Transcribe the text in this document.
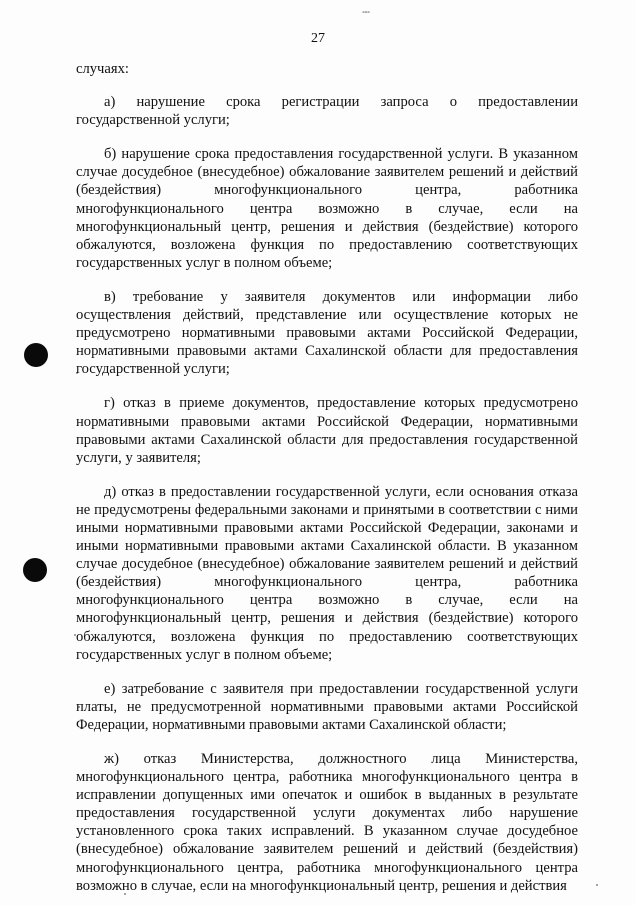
⁞
27

случаях:

а) нарушение срока регистрации запроса о предоставлении государственной услуги;

б) нарушение срока предоставления государственной услуги. В указанном случае досудебное (внесудебное) обжалование заявителем решений и действий (бездействия) многофункционального центра, работника многофункционального центра возможно в случае, если на многофункциональный центр, решения и действия (бездействие) которого обжалуются, возложена функция по предоставлению соответствующих государственных услуг в полном объеме;

в) требование у заявителя документов или информации либо осуществления действий, представление или осуществление которых не предусмотрено нормативными правовыми актами Российской Федерации, нормативными правовыми актами Сахалинской области для предоставления государственной услуги;

г) отказ в приеме документов, предоставление которых предусмотрено нормативными правовыми актами Российской Федерации, нормативными правовыми актами Сахалинской области для предоставления государственной услуги, у заявителя;

д) отказ в предоставлении государственной услуги, если основания отказа не предусмотрены федеральными законами и принятыми в соответствии с ними иными нормативными правовыми актами Российской Федерации, законами и иными нормативными правовыми актами Сахалинской области. В указанном случае досудебное (внесудебное) обжалование заявителем решений и действий (бездействия) многофункционального центра, работника многофункционального центра возможно в случае, если на многофункциональный центр, решения и действия (бездействие) которого обжалуются, возложена функция по предоставлению соответствующих государственных услуг в полном объеме;

е) затребование с заявителя при предоставлении государственной услуги платы, не предусмотренной нормативными правовыми актами Российской Федерации, нормативными правовыми актами Сахалинской области;

ж) отказ Министерства, должностного лица Министерства, многофункционального центра, работника многофункционального центра в исправлении допущенных ими опечаток и ошибок в выданных в результате предоставления государственной услуги документах либо нарушение установленного срока таких исправлений. В указанном случае досудебное (внесудебное) обжалование заявителем решений и действий (бездействия) многофункционального центра, работника многофункционального центра возможно в случае, если на многофункциональный центр, решения и действия
